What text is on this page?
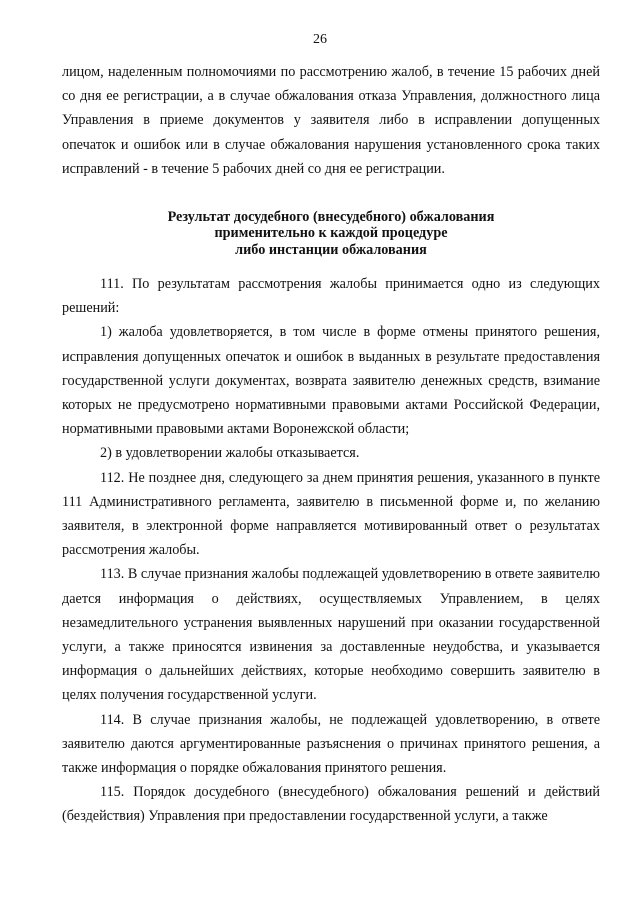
26

лицом, наделенным полномочиями по рассмотрению жалоб, в течение 15 рабочих дней со дня ее регистрации, а в случае обжалования отказа Управления, должностного лица Управления в приеме документов у заявителя либо в исправлении допущенных опечаток и ошибок или в случае обжалования нарушения установленного срока таких исправлений - в течение 5 рабочих дней со дня ее регистрации.

Результат досудебного (внесудебного) обжалования
применительно к каждой процедуре
либо инстанции обжалования

111. По результатам рассмотрения жалобы принимается одно из следующих решений:

1) жалоба удовлетворяется, в том числе в форме отмены принятого решения, исправления допущенных опечаток и ошибок в выданных в результате предоставления государственной услуги документах, возврата заявителю денежных средств, взимание которых не предусмотрено нормативными правовыми актами Российской Федерации, нормативными правовыми актами Воронежской области;

2) в удовлетворении жалобы отказывается.

112. Не позднее дня, следующего за днем принятия решения, указанного в пункте 111 Административного регламента, заявителю в письменной форме и, по желанию заявителя, в электронной форме направляется мотивированный ответ о результатах рассмотрения жалобы.

113. В случае признания жалобы подлежащей удовлетворению в ответе заявителю дается информация о действиях, осуществляемых Управлением, в целях незамедлительного устранения выявленных нарушений при оказании государственной услуги, а также приносятся извинения за доставленные неудобства, и указывается информация о дальнейших действиях, которые необходимо совершить заявителю в целях получения государственной услуги.

114. В случае признания жалобы, не подлежащей удовлетворению, в ответе заявителю даются аргументированные разъяснения о причинах принятого решения, а также информация о порядке обжалования принятого решения.

115. Порядок досудебного (внесудебного) обжалования решений и действий (бездействия) Управления при предоставлении государственной услуги, а также
